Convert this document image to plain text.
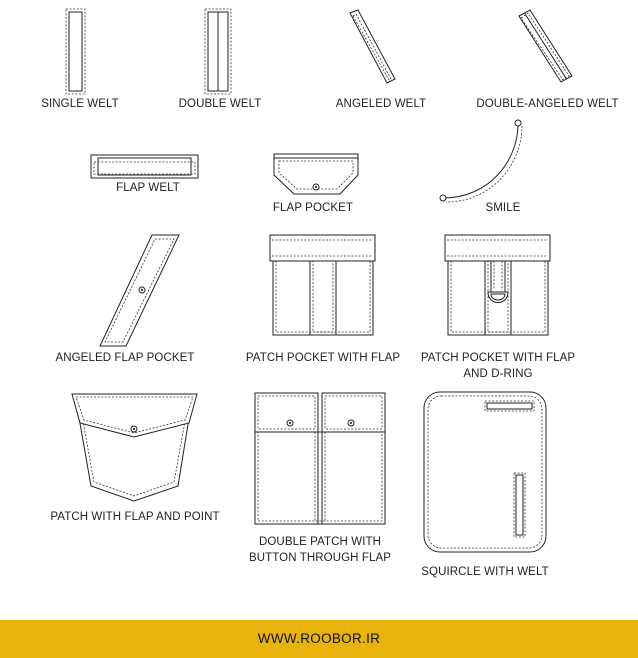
SINGLE WELT	DOUBLE WELT	ANGELED WELT	DOUBLE-ANGELED WELT
FLAP WELT
FLAP POCKET	SMILE
ANGELED FLAP POCKET	PATCH POCKET WITH FLAP	PATCH POCKET WITH FLAP
AND D-RING
PATCH WITH FLAP AND POINT
DOUBLE PATCH WITH
BUTTON THROUGH FLAP
SQUIRCLE WITH WELT
WWW.ROOBOR.IR
